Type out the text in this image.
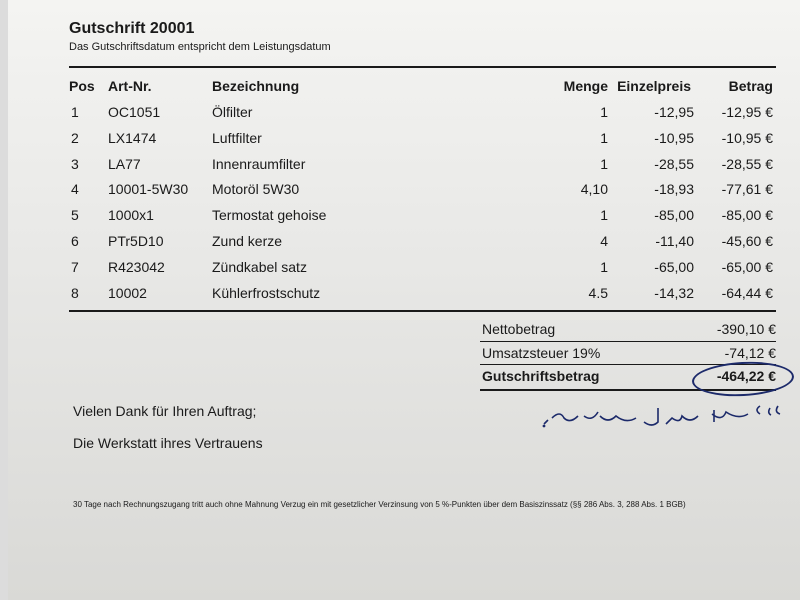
Gutschrift 20001
Das Gutschriftsdatum entspricht dem Leistungsdatum
Pos Art-Nr.	Bezeichnung	Menge Einzelpreis	Betrag
1	OC1051	Ölfilter	1	-12,95	-12,95 €
2	LX1474	Luftfilter	1	-10,95	-10,95 €
3	LA77	Innenraumfilter	1	-28,55	-28,55 €
4	10001-5W30	Motoröl 5W30	4,10	-18,93	-77,61 €
5	1000x1	Termostat gehoise	1	-85,00	-85,00 €
6	PTr5D10	Zund kerze	4	-11,40	-45,60 €
7	R423042	Zündkabel satz	1	-65,00	-65,00 €
8	10002	Kühlerfrostschutz	4.5	-14,32	-64,44 €
Nettobetrag	-390,10 €
Umsatzsteuer 19%	-74,12 €
Gutschriftsbetrag	-464,22 €
Vielen Dank für Ihren Auftrag;
Die Werkstatt ihres Vertrauens
30 Tage nach Rechnungszugang tritt auch ohne Mahnung Verzug ein mit gesetzlicher Verzinsung von 5 %-Punkten über dem Basiszinssatz (§§ 286 Abs. 3, 288 Abs. 1 BGB)
